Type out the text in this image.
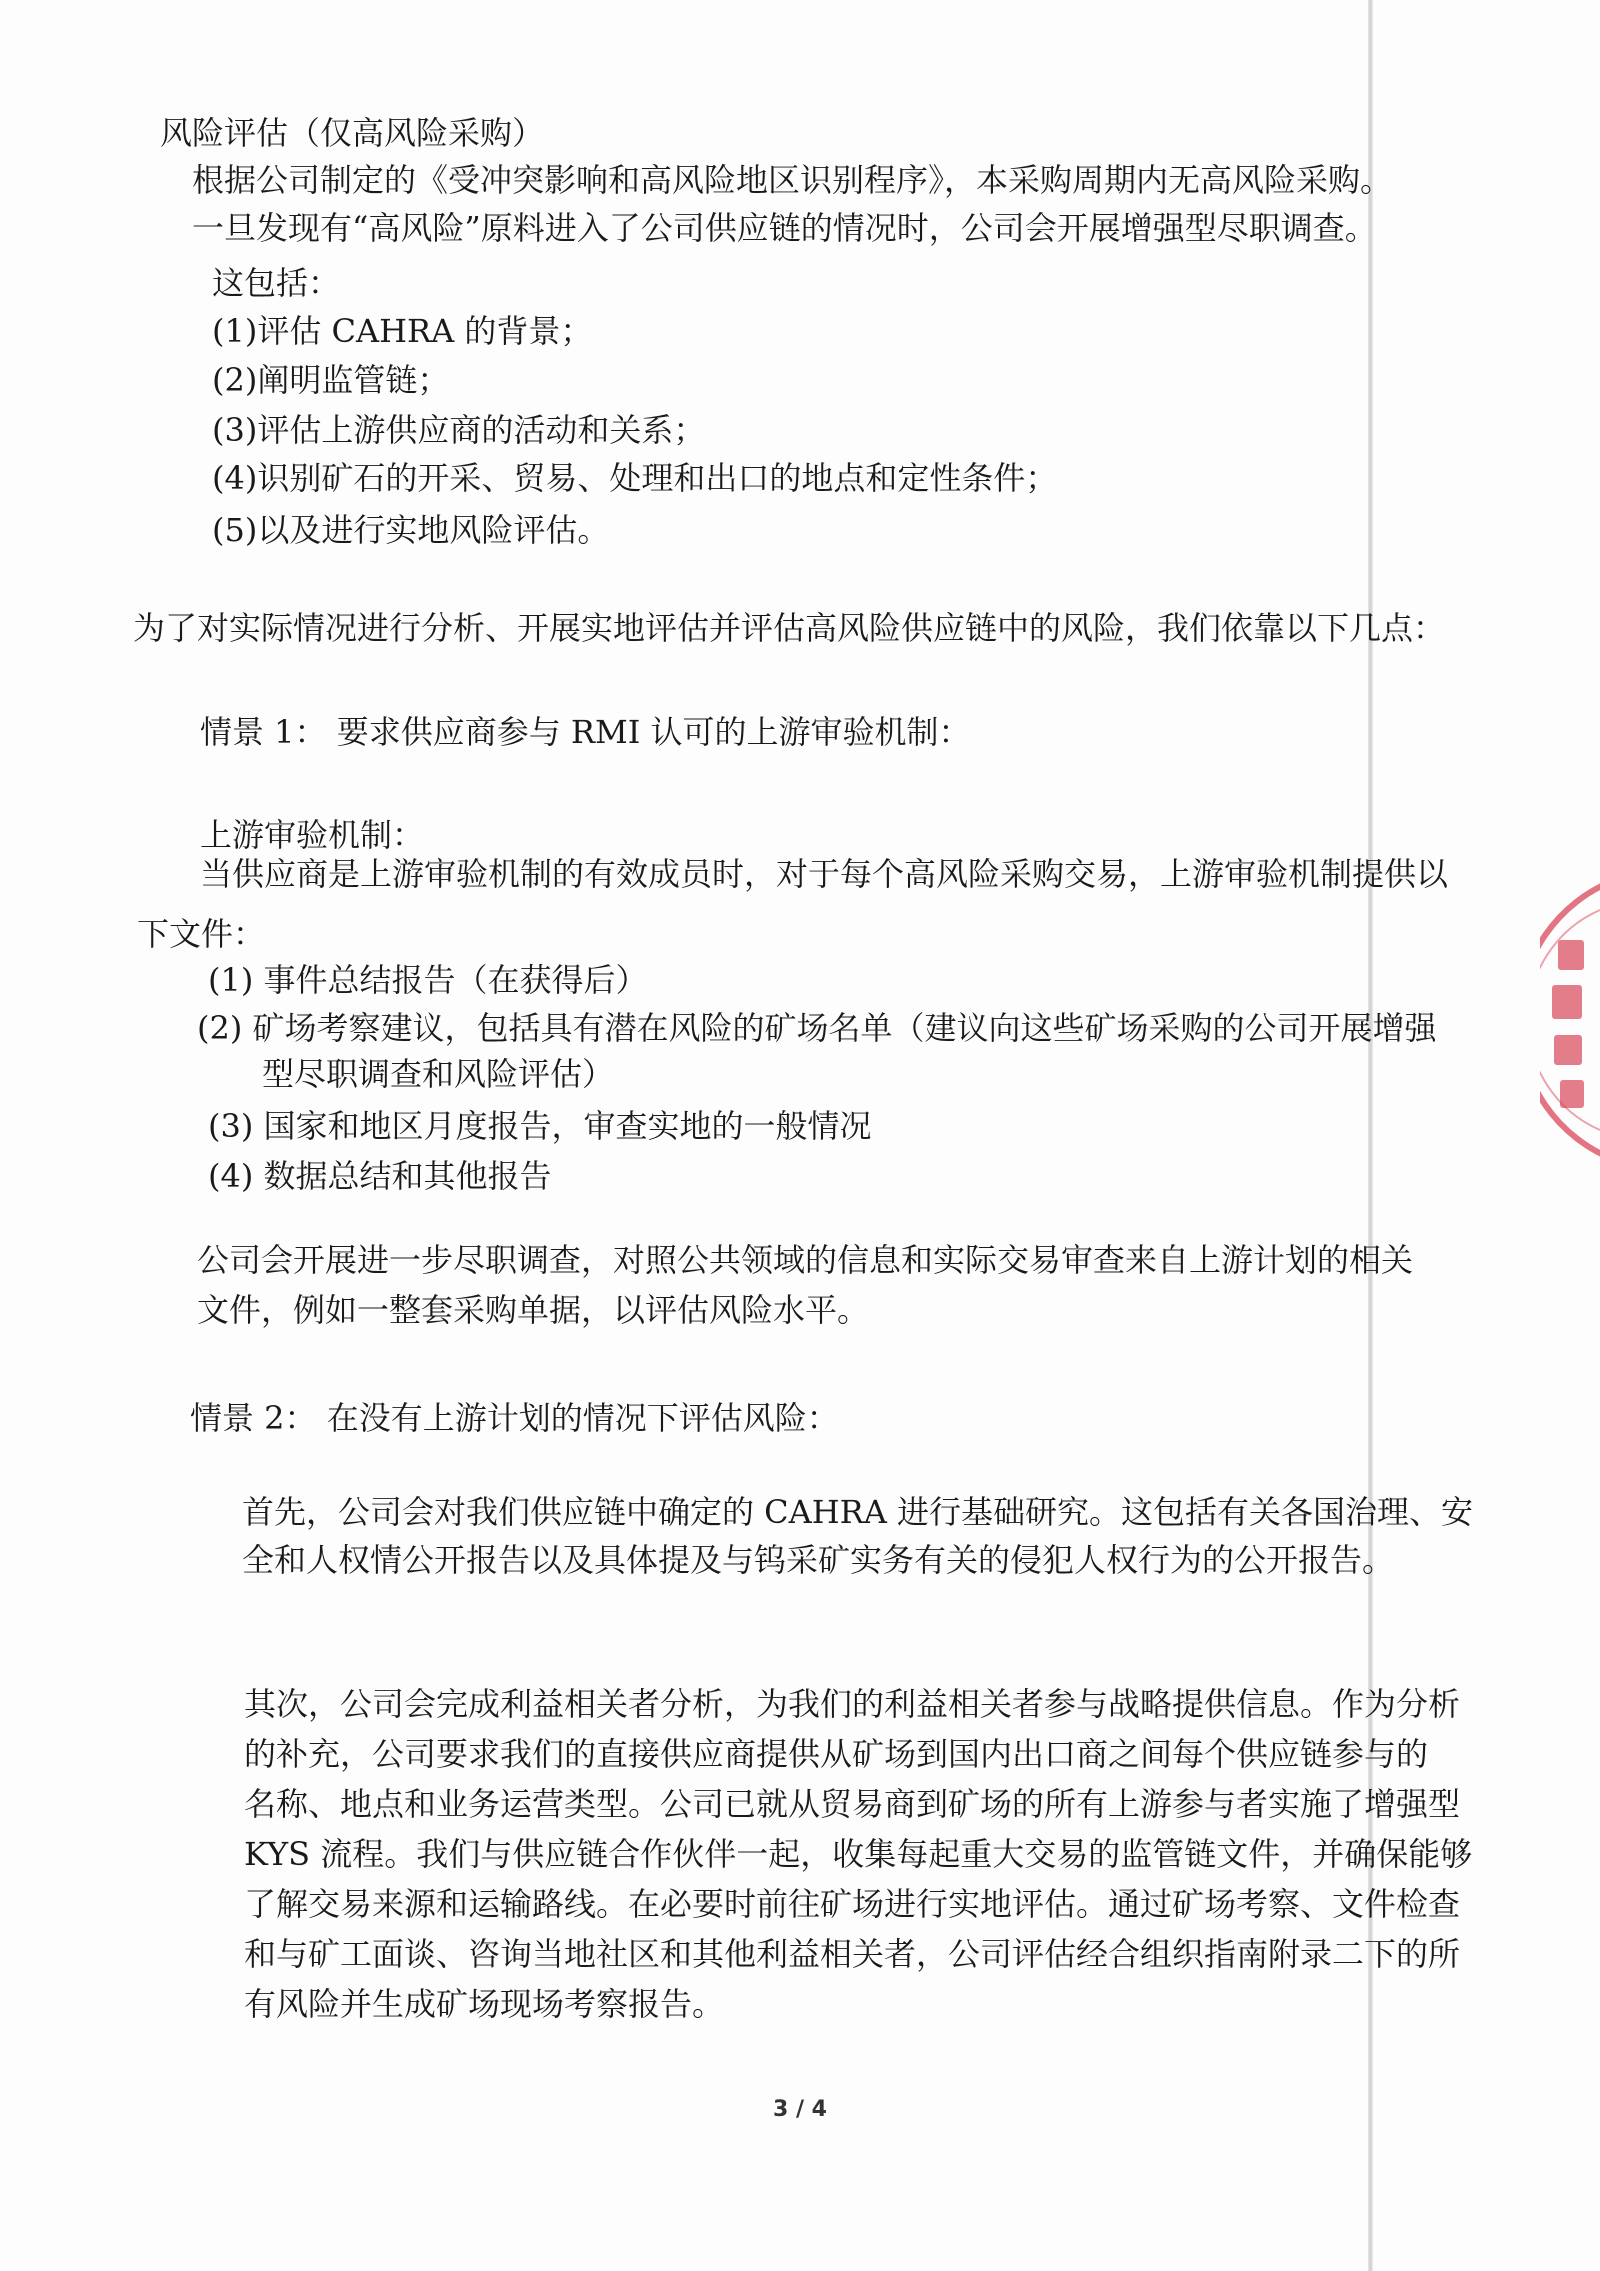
风险评估（仅高风险采购）

根据公司制定的《受冲突影响和高风险地区识别程序》，本采购周期内无高风险采购。

一旦发现有“高风险”原料进入了公司供应链的情况时，公司会开展增强型尽职调查。

这包括：

(1)评估 CAHRA 的背景；

(2)阐明监管链；

(3)评估上游供应商的活动和关系；

(4)识别矿石的开采、贸易、处理和出口的地点和定性条件；

(5)以及进行实地风险评估。

为了对实际情况进行分析、开展实地评估并评估高风险供应链中的风险，我们依靠以下几点：

情景 1： 要求供应商参与 RMI 认可的上游审验机制：

上游审验机制：

当供应商是上游审验机制的有效成员时，对于每个高风险采购交易，上游审验机制提供以

下文件：

(1) 事件总结报告（在获得后）

(2) 矿场考察建议，包括具有潜在风险的矿场名单（建议向这些矿场采购的公司开展增强

型尽职调查和风险评估）

(3) 国家和地区月度报告，审查实地的一般情况

(4) 数据总结和其他报告

公司会开展进一步尽职调查，对照公共领域的信息和实际交易审查来自上游计划的相关

文件，例如一整套采购单据，以评估风险水平。

情景 2： 在没有上游计划的情况下评估风险：

首先，公司会对我们供应链中确定的 CAHRA 进行基础研究。这包括有关各国治理、安

全和人权情公开报告以及具体提及与钨采矿实务有关的侵犯人权行为的公开报告。

其次，公司会完成利益相关者分析，为我们的利益相关者参与战略提供信息。作为分析

的补充，公司要求我们的直接供应商提供从矿场到国内出口商之间每个供应链参与的

名称、地点和业务运营类型。公司已就从贸易商到矿场的所有上游参与者实施了增强型

KYS 流程。我们与供应链合作伙伴一起，收集每起重大交易的监管链文件，并确保能够

了解交易来源和运输路线。在必要时前往矿场进行实地评估。通过矿场考察、文件检查

和与矿工面谈、咨询当地社区和其他利益相关者，公司评估经合组织指南附录二下的所

有风险并生成矿场现场考察报告。

3 / 4
